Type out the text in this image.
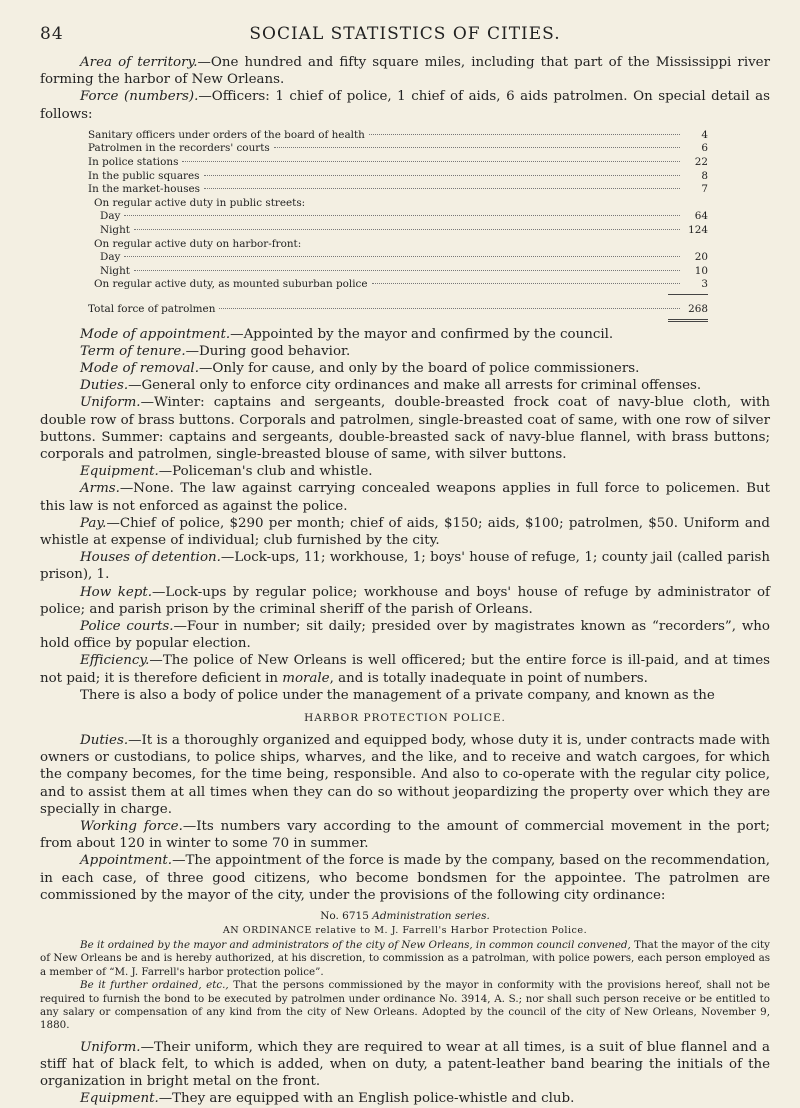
84	SOCIAL STATISTICS OF CITIES.

Area of territory.—One hundred and fifty square miles, including that part of the Mississippi river forming the harbor of New Orleans.

Force (numbers).—Officers: 1 chief of police, 1 chief of aids, 6 aids patrolmen. On special detail as follows:

Sanitary officers under orders of the board of health	4
Patrolmen in the recorders' courts	6
In police stations	22
In the public squares	8
In the market-houses	7
On regular active duty in public streets:
Day	64
Night	124
On regular active duty on harbor-front:
Day	20
Night	10
On regular active duty, as mounted suburban police	3
Total force of patrolmen	268

Mode of appointment.—Appointed by the mayor and confirmed by the council.

Term of tenure.—During good behavior.

Mode of removal.—Only for cause, and only by the board of police commissioners.

Duties.—General only to enforce city ordinances and make all arrests for criminal offenses.

Uniform.—Winter: captains and sergeants, double-breasted frock coat of navy-blue cloth, with double row of brass buttons. Corporals and patrolmen, single-breasted coat of same, with one row of silver buttons. Summer: captains and sergeants, double-breasted sack of navy-blue flannel, with brass buttons; corporals and patrolmen, single-breasted blouse of same, with silver buttons.

Equipment.—Policeman's club and whistle.

Arms.—None. The law against carrying concealed weapons applies in full force to policemen. But this law is not enforced as against the police.

Pay.—Chief of police, $290 per month; chief of aids, $150; aids, $100; patrolmen, $50. Uniform and whistle at expense of individual; club furnished by the city.

Houses of detention.—Lock-ups, 11; workhouse, 1; boys' house of refuge, 1; county jail (called parish prison), 1.

How kept.—Lock-ups by regular police; workhouse and boys' house of refuge by administrator of police; and parish prison by the criminal sheriff of the parish of Orleans.

Police courts.—Four in number; sit daily; presided over by magistrates known as “recorders”, who hold office by popular election.

Efficiency.—The police of New Orleans is well officered; but the entire force is ill-paid, and at times not paid; it is therefore deficient in morale, and is totally inadequate in point of numbers.

There is also a body of police under the management of a private company, and known as the

HARBOR PROTECTION POLICE.

Duties.—It is a thoroughly organized and equipped body, whose duty it is, under contracts made with owners or custodians, to police ships, wharves, and the like, and to receive and watch cargoes, for which the company becomes, for the time being, responsible. And also to co-operate with the regular city police, and to assist them at all times when they can do so without jeopardizing the property over which they are specially in charge.

Working force.—Its numbers vary according to the amount of commercial movement in the port; from about 120 in winter to some 70 in summer.

Appointment.—The appointment of the force is made by the company, based on the recommendation, in each case, of three good citizens, who become bondsmen for the appointee. The patrolmen are commissioned by the mayor of the city, under the provisions of the following city ordinance:

No. 6715 Administration series.
AN ORDINANCE relative to M. J. Farrell's Harbor Protection Police.

Be it ordained by the mayor and administrators of the city of New Orleans, in common council convened, That the mayor of the city of New Orleans be and is hereby authorized, at his discretion, to commission as a patrolman, with police powers, each person employed as a member of “M. J. Farrell's harbor protection police”.

Be it further ordained, etc., That the persons commissioned by the mayor in conformity with the provisions hereof, shall not be required to furnish the bond to be executed by patrolmen under ordinance No. 3914, A. S.; nor shall such person receive or be entitled to any salary or compensation of any kind from the city of New Orleans. Adopted by the council of the city of New Orleans, November 9, 1880.

Uniform.—Their uniform, which they are required to wear at all times, is a suit of blue flannel and a stiff hat of black felt, to which is added, when on duty, a patent-leather band bearing the initials of the organization in bright metal on the front.

Equipment.—They are equipped with an English police-whistle and club.
